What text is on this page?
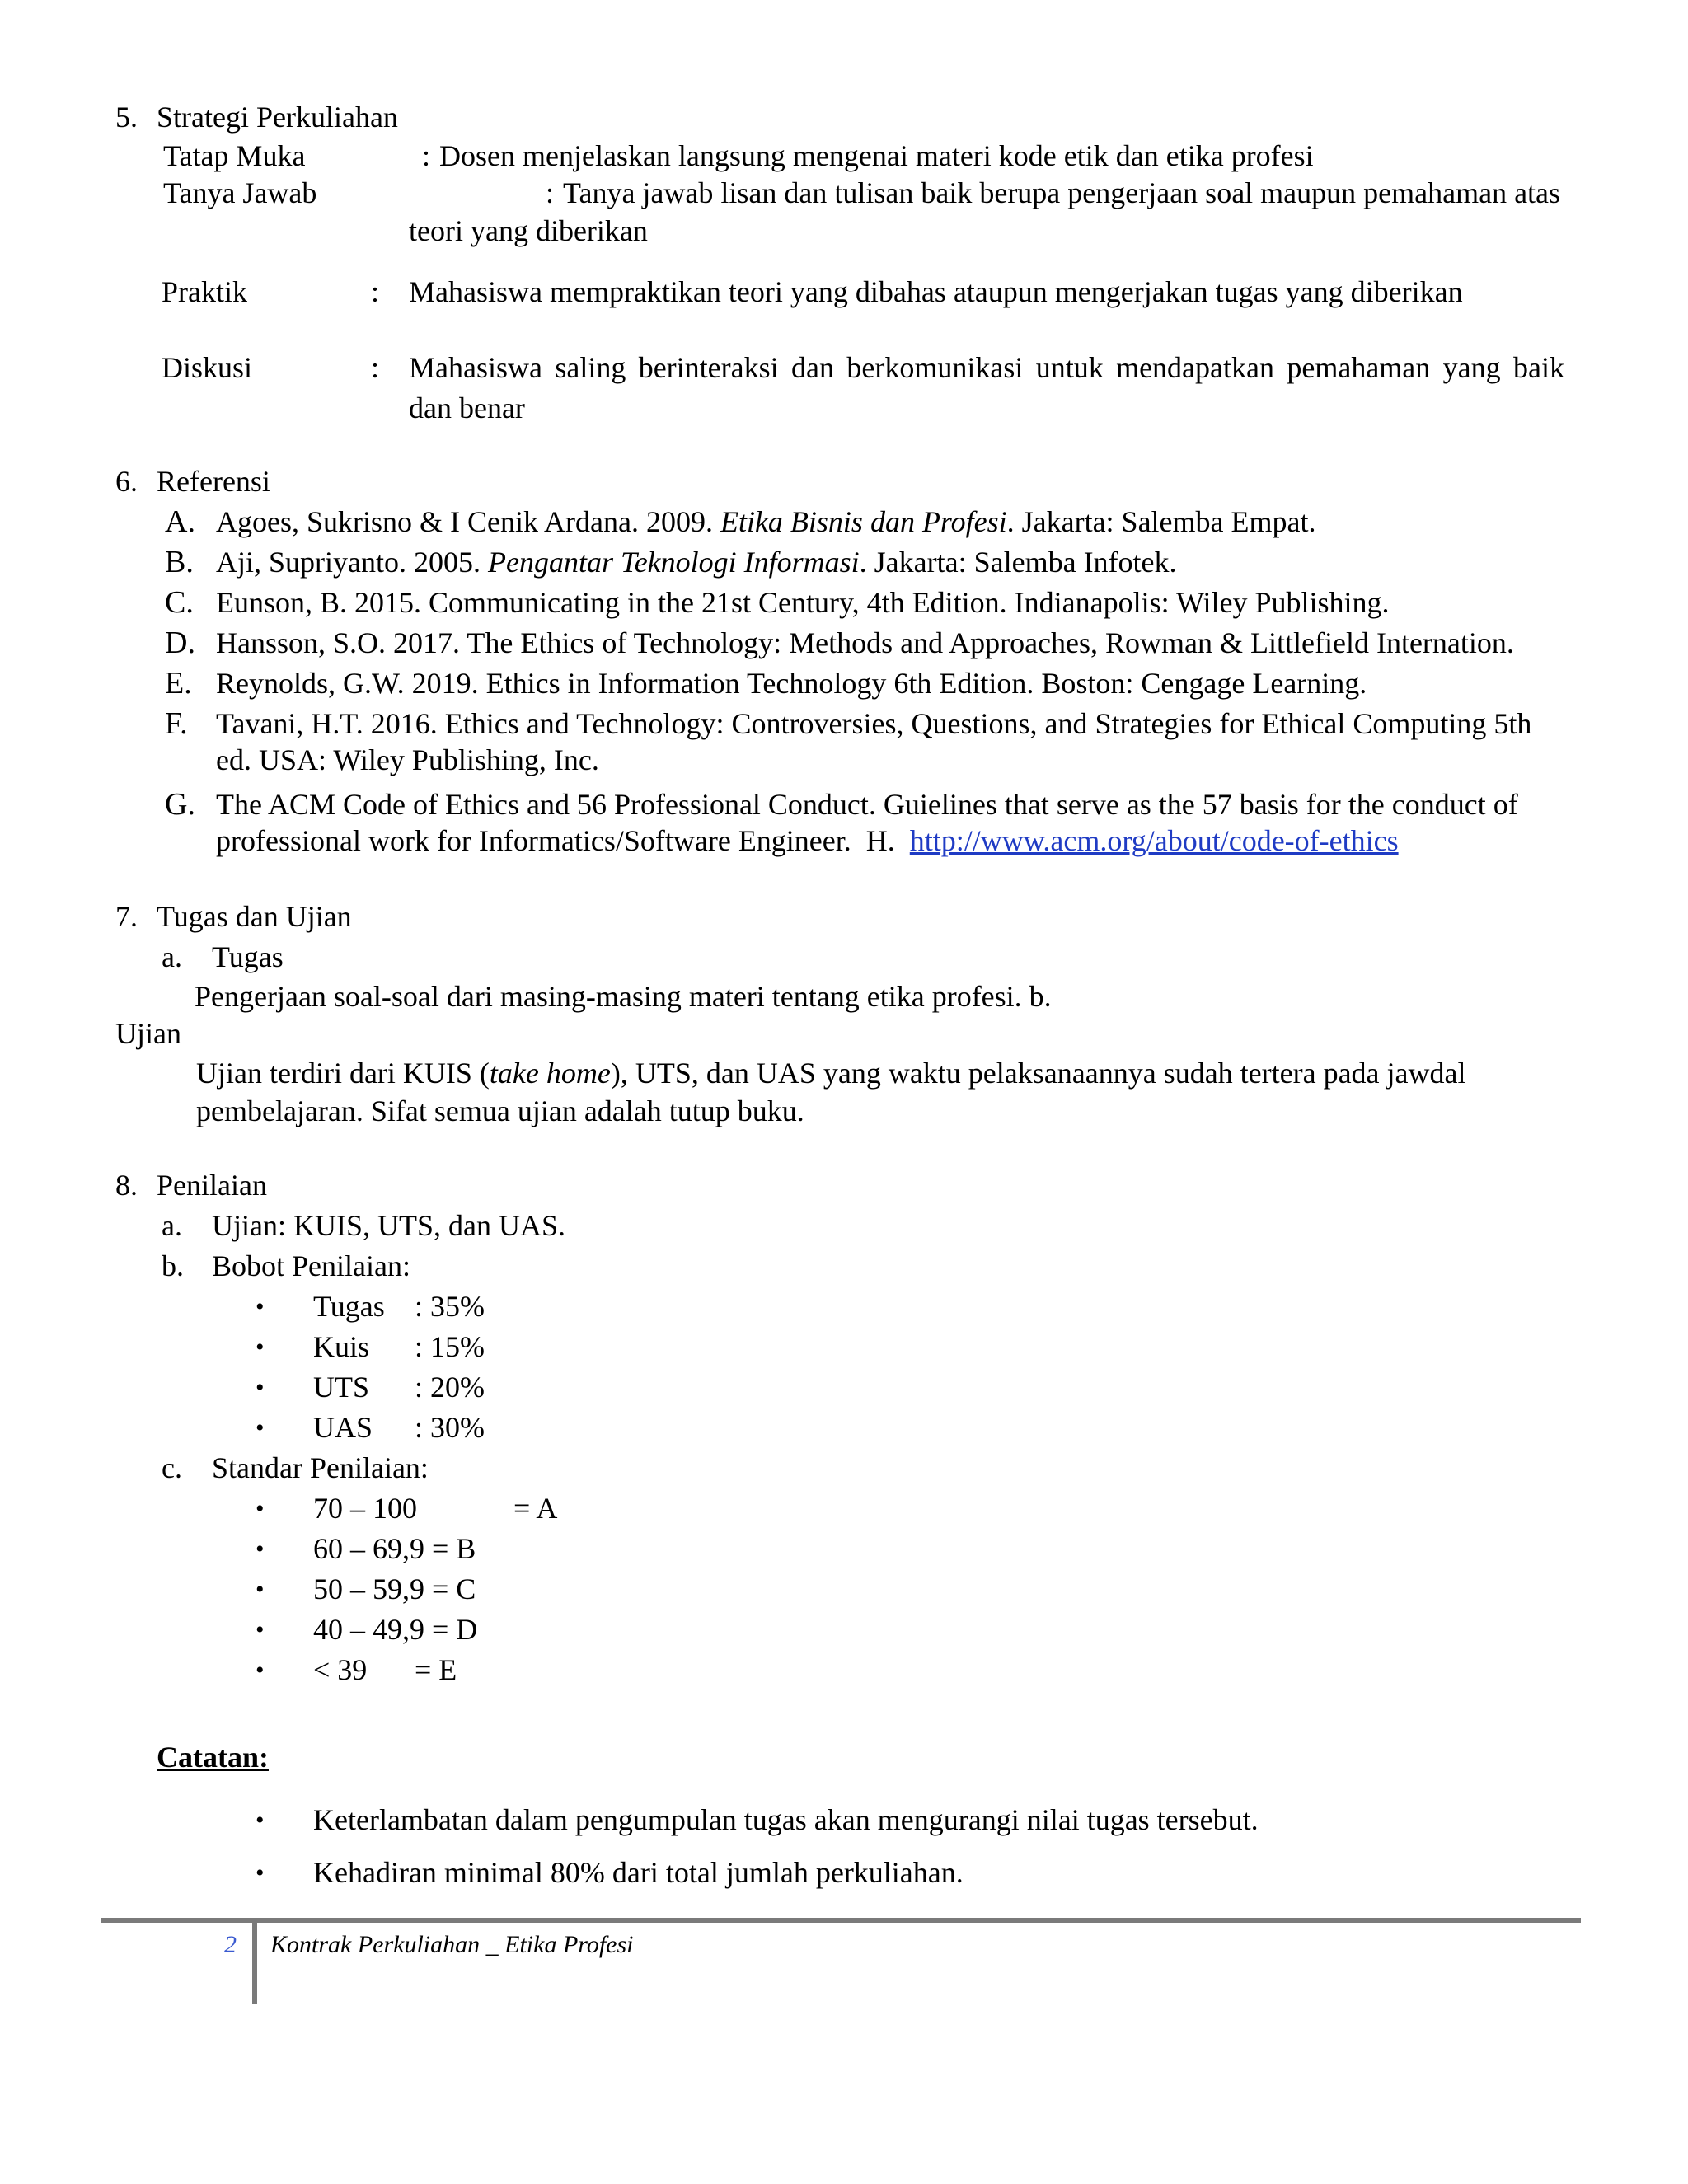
5. Strategi Perkuliahan
Tatap Muka	: Dosen menjelaskan langsung mengenai materi kode etik dan etika profesi
Tanya Jawab	: Tanya jawab lisan dan tulisan baik berupa pengerjaan soal maupun pemahaman atas
teori yang diberikan
Praktik	: Mahasiswa mempraktikan teori yang dibahas ataupun mengerjakan tugas yang diberikan
Diskusi	: Mahasiswa saling berinteraksi dan berkomunikasi untuk mendapatkan pemahaman yang baik dan benar
6. Referensi
A. Agoes, Sukrisno & I Cenik Ardana. 2009. Etika Bisnis dan Profesi. Jakarta: Salemba Empat.
B. Aji, Supriyanto. 2005. Pengantar Teknologi Informasi. Jakarta: Salemba Infotek.
C. Eunson, B. 2015. Communicating in the 21st Century, 4th Edition. Indianapolis: Wiley Publishing.
D. Hansson, S.O. 2017. The Ethics of Technology: Methods and Approaches, Rowman & Littlefield Internation.
E. Reynolds, G.W. 2019. Ethics in Information Technology 6th Edition. Boston: Cengage Learning.
F. Tavani, H.T. 2016. Ethics and Technology: Controversies, Questions, and Strategies for Ethical Computing 5th
ed. USA: Wiley Publishing, Inc.
G. The ACM Code of Ethics and 56 Professional Conduct. Guielines that serve as the 57 basis for the conduct of
professional work for Informatics/Software Engineer.  H.  http://www.acm.org/about/code-of-ethics
7. Tugas dan Ujian
a. Tugas
Pengerjaan soal-soal dari masing-masing materi tentang etika profesi. b.
Ujian
Ujian terdiri dari KUIS (take home), UTS, dan UAS yang waktu pelaksanaannya sudah tertera pada jawdal
pembelajaran. Sifat semua ujian adalah tutup buku.
8. Penilaian
a. Ujian: KUIS, UTS, dan UAS.
b. Bobot Penilaian:
• Tugas : 35%
• Kuis : 15%
• UTS : 20%
• UAS : 30%
c. Standar Penilaian:
• 70 – 100	= A
• 60 – 69,9 = B
• 50 – 59,9 = C
• 40 – 49,9 = D
• < 39 = E
Catatan:
• Keterlambatan dalam pengumpulan tugas akan mengurangi nilai tugas tersebut.
• Kehadiran minimal 80% dari total jumlah perkuliahan.
2 Kontrak Perkuliahan _ Etika Profesi
